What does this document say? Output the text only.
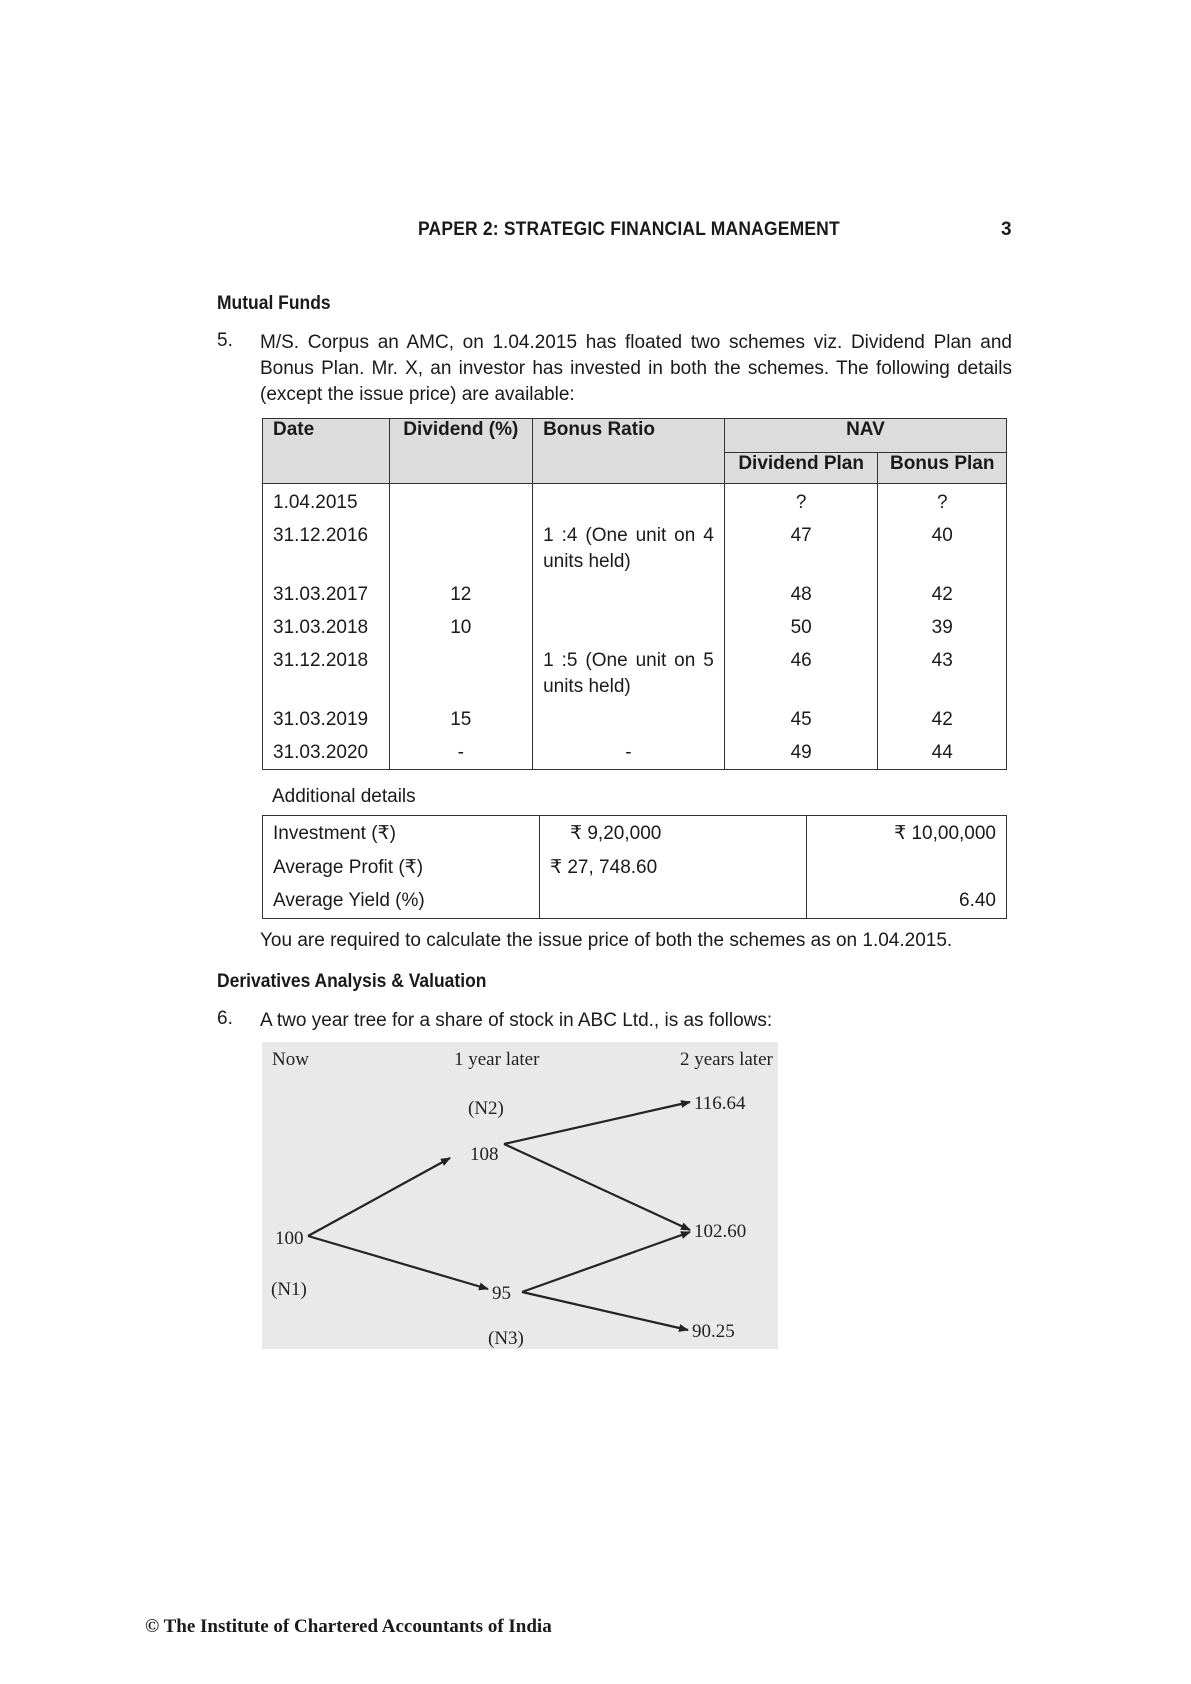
PAPER 2: STRATEGIC FINANCIAL MANAGEMENT	3
Mutual Funds
5. M/S. Corpus an AMC, on 1.04.2015 has floated two schemes viz. Dividend Plan and Bonus Plan. Mr. X, an investor has invested in both the schemes. The following details (except the issue price) are available:
Date	Dividend (%)	Bonus Ratio	NAV	
			Dividend Plan	Bonus Plan
1.04.2015			?	?
31.12.2016		1 :4 (One unit on 4 units held)	47	40
31.03.2017	12		48	42
31.03.2018	10		50	39
31.12.2018		1 :5 (One unit on 5 units held)	46	43
31.03.2019	15		45	42
31.03.2020	-	-	49	44
Additional details
Investment (₹)	₹ 9,20,000	₹ 10,00,000
Average Profit (₹)	₹ 27, 748.60	
Average Yield (%)		6.40
You are required to calculate the issue price of both the schemes as on 1.04.2015.
Derivatives Analysis & Valuation
6. A two year tree for a share of stock in ABC Ltd., is as follows:
Now	1 year later	2 years later
100
(N1)
(N2)
108
95
(N3)
116.64
102.60
90.25
© The Institute of Chartered Accountants of India
